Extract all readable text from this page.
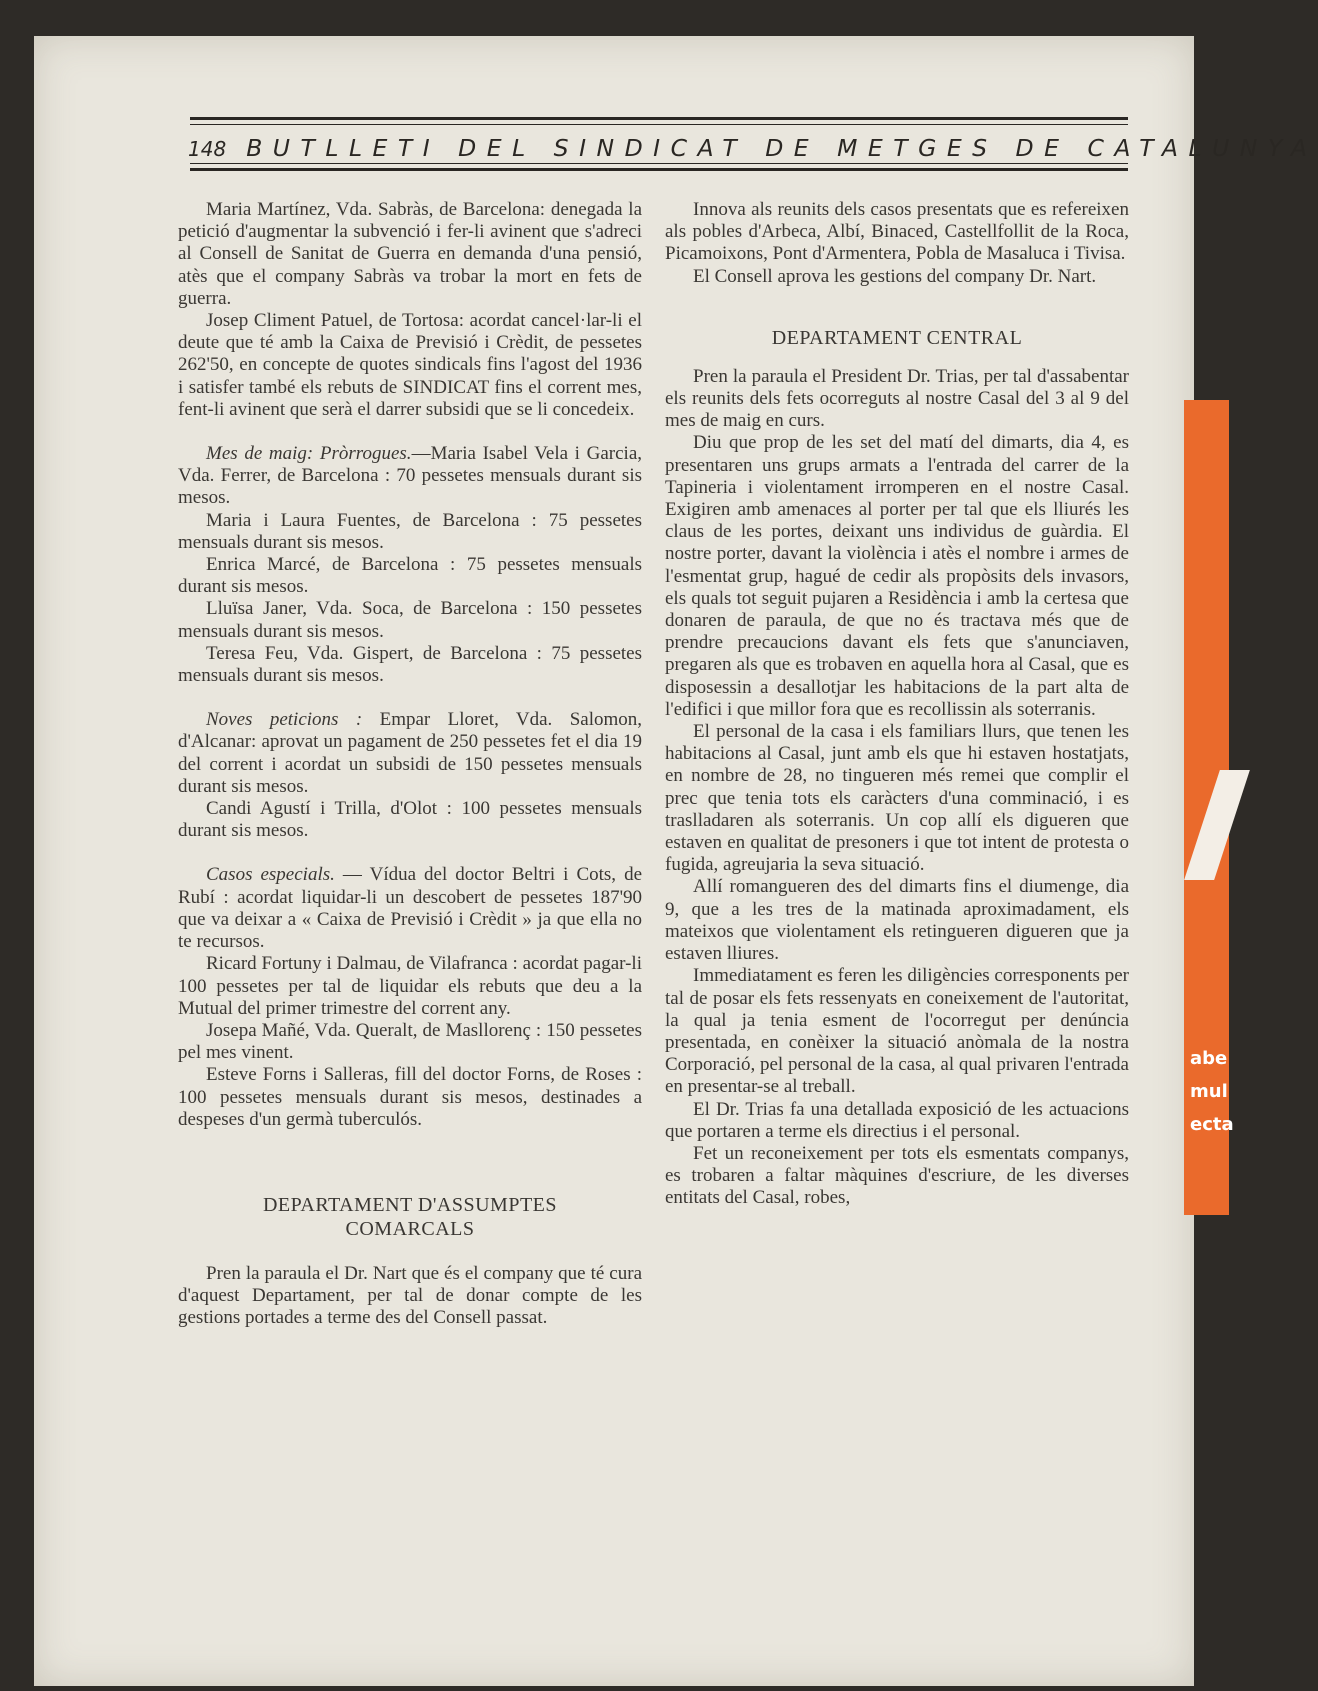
abe
mul
ecta
148 BUTLLETI DEL SINDICAT DE METGES DE CATALUNYA

Maria Martínez, Vda. Sabràs, de Barcelona: denegada la petició d'augmentar la subvenció i fer-li avinent que s'adreci al Consell de Sanitat de Guerra en demanda d'una pensió, atès que el company Sabràs va trobar la mort en fets de guerra.

Josep Climent Patuel, de Tortosa: acordat cancel·lar-li el deute que té amb la Caixa de Previsió i Crèdit, de pessetes 262'50, en concepte de quotes sindicals fins l'agost del 1936 i satisfer també els rebuts de SINDICAT fins el corrent mes, fent-li avinent que serà el darrer subsidi que se li concedeix.

Mes de maig: Pròrrogues.—Maria Isabel Vela i Garcia, Vda. Ferrer, de Barcelona : 70 pessetes mensuals durant sis mesos.

Maria i Laura Fuentes, de Barcelona : 75 pessetes mensuals durant sis mesos.

Enrica Marcé, de Barcelona : 75 pessetes mensuals durant sis mesos.

Lluïsa Janer, Vda. Soca, de Barcelona : 150 pessetes mensuals durant sis mesos.

Teresa Feu, Vda. Gispert, de Barcelona : 75 pessetes mensuals durant sis mesos.

Noves peticions : Empar Lloret, Vda. Salomon, d'Alcanar: aprovat un pagament de 250 pessetes fet el dia 19 del corrent i acordat un subsidi de 150 pessetes mensuals durant sis mesos.

Candi Agustí i Trilla, d'Olot : 100 pessetes mensuals durant sis mesos.

Casos especials. — Vídua del doctor Beltri i Cots, de Rubí : acordat liquidar-li un descobert de pessetes 187'90 que va deixar a « Caixa de Previsió i Crèdit » ja que ella no te recursos.

Ricard Fortuny i Dalmau, de Vilafranca : acordat pagar-li 100 pessetes per tal de liquidar els rebuts que deu a la Mutual del primer trimestre del corrent any.

Josepa Mañé, Vda. Queralt, de Masllorenç : 150 pessetes pel mes vinent.

Esteve Forns i Salleras, fill del doctor Forns, de Roses : 100 pessetes mensuals durant sis mesos, destinades a despeses d'un germà tuberculós.

DEPARTAMENT D'ASSUMPTES
COMARCALS

Pren la paraula el Dr. Nart que és el company que té cura d'aquest Departament, per tal de donar compte de les gestions portades a terme des del Consell passat.

Innova als reunits dels casos presentats que es refereixen als pobles d'Arbeca, Albí, Binaced, Castellfollit de la Roca, Picamoixons, Pont d'Armentera, Pobla de Masaluca i Tivisa.

El Consell aprova les gestions del company Dr. Nart.

DEPARTAMENT CENTRAL

Pren la paraula el President Dr. Trias, per tal d'assabentar els reunits dels fets ocorreguts al nostre Casal del 3 al 9 del mes de maig en curs.

Diu que prop de les set del matí del dimarts, dia 4, es presentaren uns grups armats a l'entrada del carrer de la Tapineria i violentament irromperen en el nostre Casal. Exigiren amb amenaces al porter per tal que els lliurés les claus de les portes, deixant uns individus de guàrdia. El nostre porter, davant la violència i atès el nombre i armes de l'esmentat grup, hagué de cedir als propòsits dels invasors, els quals tot seguit pujaren a Residència i amb la certesa que donaren de paraula, de que no és tractava més que de prendre precaucions davant els fets que s'anunciaven, pregaren als que es trobaven en aquella hora al Casal, que es disposessin a desallotjar les habitacions de la part alta de l'edifici i que millor fora que es recollissin als soterranis.

El personal de la casa i els familiars llurs, que tenen les habitacions al Casal, junt amb els que hi estaven hostatjats, en nombre de 28, no tingueren més remei que complir el prec que tenia tots els caràcters d'una comminació, i es traslladaren als soterranis. Un cop allí els digueren que estaven en qualitat de presoners i que tot intent de protesta o fugida, agreujaria la seva situació.

Allí romangueren des del dimarts fins el diumenge, dia 9, que a les tres de la matinada aproximadament, els mateixos que violentament els retingueren digueren que ja estaven lliures.

Immediatament es feren les diligències corresponents per tal de posar els fets ressenyats en coneixement de l'autoritat, la qual ja tenia esment de l'ocorregut per denúncia presentada, en conèixer la situació anòmala de la nostra Corporació, pel personal de la casa, al qual privaren l'entrada en presentar-se al treball.

El Dr. Trias fa una detallada exposició de les actuacions que portaren a terme els directius i el personal.

Fet un reconeixement per tots els esmentats companys, es trobaren a faltar màquines d'escriure, de les diverses entitats del Casal, robes,
